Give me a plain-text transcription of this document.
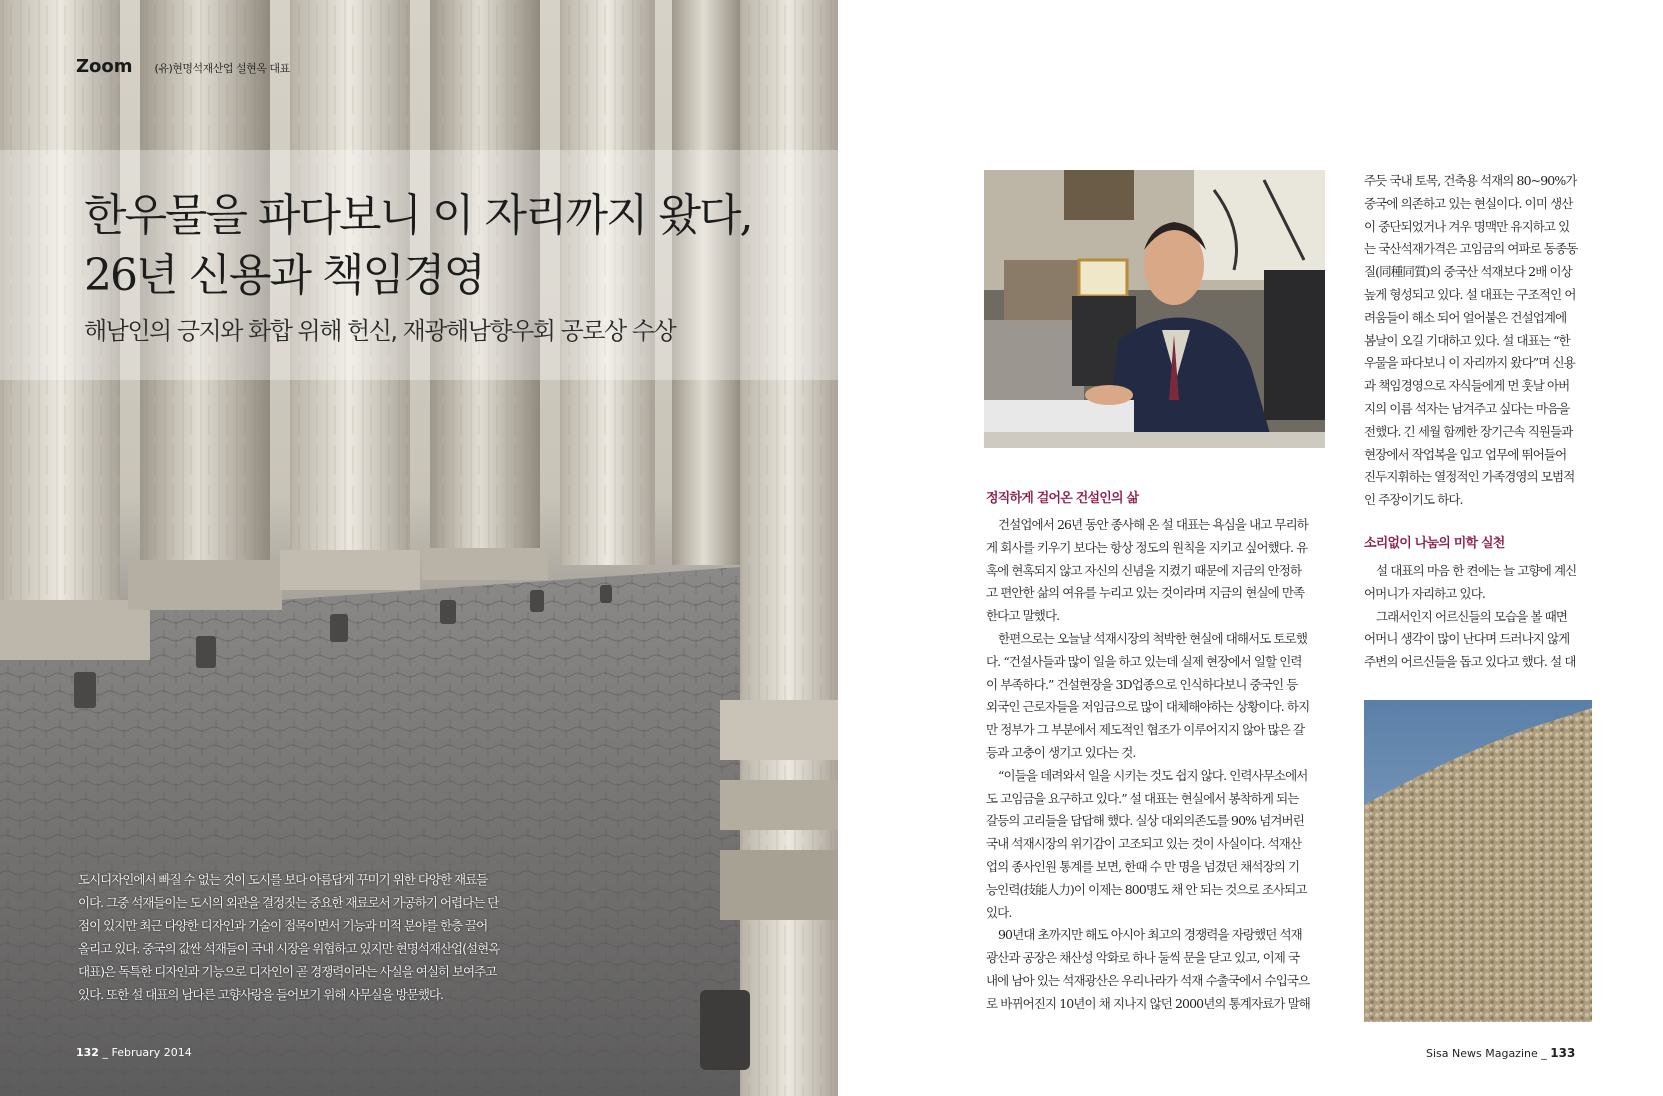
Zoom (유)현명석재산업 설현옥 대표
한우물을 파다보니 이 자리까지 왔다,
26년 신용과 책임경영
해남인의 긍지와 화합 위해 헌신, 재광해남향우회 공로상 수상
도시디자인에서 빠질 수 없는 것이 도시를 보다 아름답게 꾸미기 위한 다양한 재료들
이다. 그중 석재들이는 도시의 외관을 결정짓는 중요한 재료로서 가공하기 어렵다는 단
점이 있지만 최근 다양한 디자인과 기술이 접목이면서 기능과 미적 분야를 한층 끌어
올리고 있다. 중국의 값싼 석재들이 국내 시장을 위협하고 있지만 현명석재산업(설현옥
대표)은 독특한 디자인과 기능으로 디자인이 곧 경쟁력이라는 사실을 여실히 보여주고
있다. 또한 설 대표의 남다른 고향사랑을 들어보기 위해 사무실을 방문했다.
132 _ February 2014
정직하게 걸어온 건설인의 삶

건설업에서 26년 동안 종사해 온 설 대표는 욕심을 내고 무리하
게 회사를 키우기 보다는 항상 정도의 원칙을 지키고 싶어했다. 유
혹에 현혹되지 않고 자신의 신념을 지켰기 때문에 지금의 안정하
고 편안한 삶의 여유를 누리고 있는 것이라며 지금의 현실에 만족
한다고 말했다.

한편으로는 오늘날 석재시장의 척박한 현실에 대해서도 토로했
다. “건설사들과 많이 일을 하고 있는데 실제 현장에서 일할 인력
이 부족하다.” 건설현장을 3D업종으로 인식하다보니 중국인 등
외국인 근로자들을 저임금으로 많이 대체해야하는 상황이다. 하지
만 정부가 그 부분에서 제도적인 협조가 이루어지지 않아 많은 갈
등과 고충이 생기고 있다는 것.

“이들을 데려와서 일을 시키는 것도 쉽지 않다. 인력사무소에서
도 고임금을 요구하고 있다.” 설 대표는 현실에서 봉착하게 되는
갈등의 고리들을 답답해 했다. 실상 대외의존도를 90% 넘겨버린
국내 석재시장의 위기감이 고조되고 있는 것이 사실이다. 석재산
업의 종사인원 통계를 보면, 한때 수 만 명을 넘겼던 채석장의 기
능인력(技能人力)이 이제는 800명도 채 안 되는 것으로 조사되고
있다.

90년대 초까지만 해도 아시아 최고의 경쟁력을 자랑했던 석재
광산과 공장은 채산성 악화로 하나 둘씩 문을 닫고 있고, 이제 국
내에 남아 있는 석재광산은 우리나라가 석재 수출국에서 수입국으
로 바뀌어진지 10년이 채 지나지 않던 2000년의 통계자료가 말해

주듯 국내 토목, 건축용 석재의 80~90%가
중국에 의존하고 있는 현실이다. 이미 생산
이 중단되었거나 겨우 명맥만 유지하고 있
는 국산석재가격은 고임금의 여파로 동종동
질(同種同質)의 중국산 석재보다 2배 이상
높게 형성되고 있다. 설 대표는 구조적인 어
려움들이 해소 되어 얼어붙은 건설업계에
봄날이 오길 기대하고 있다. 설 대표는 “한
우물을 파다보니 이 자리까지 왔다”며 신용
과 책임경영으로 자식들에게 먼 훗날 아버
지의 이름 석자는 남겨주고 싶다는 마음을
전했다. 긴 세월 함께한 장기근속 직원들과
현장에서 작업복을 입고 업무에 뛰어들어
진두지휘하는 열정적인 가족경영의 모범적
인 주장이기도 하다.
소리없이 나눔의 미학 실천

설 대표의 마음 한 켠에는 늘 고향에 계신
어머니가 자리하고 있다.

그래서인지 어르신들의 모습을 볼 때면
어머니 생각이 많이 난다며 드러나지 않게
주변의 어르신들을 돕고 있다고 했다. 설 대

Sisa News Magazine _ 133
